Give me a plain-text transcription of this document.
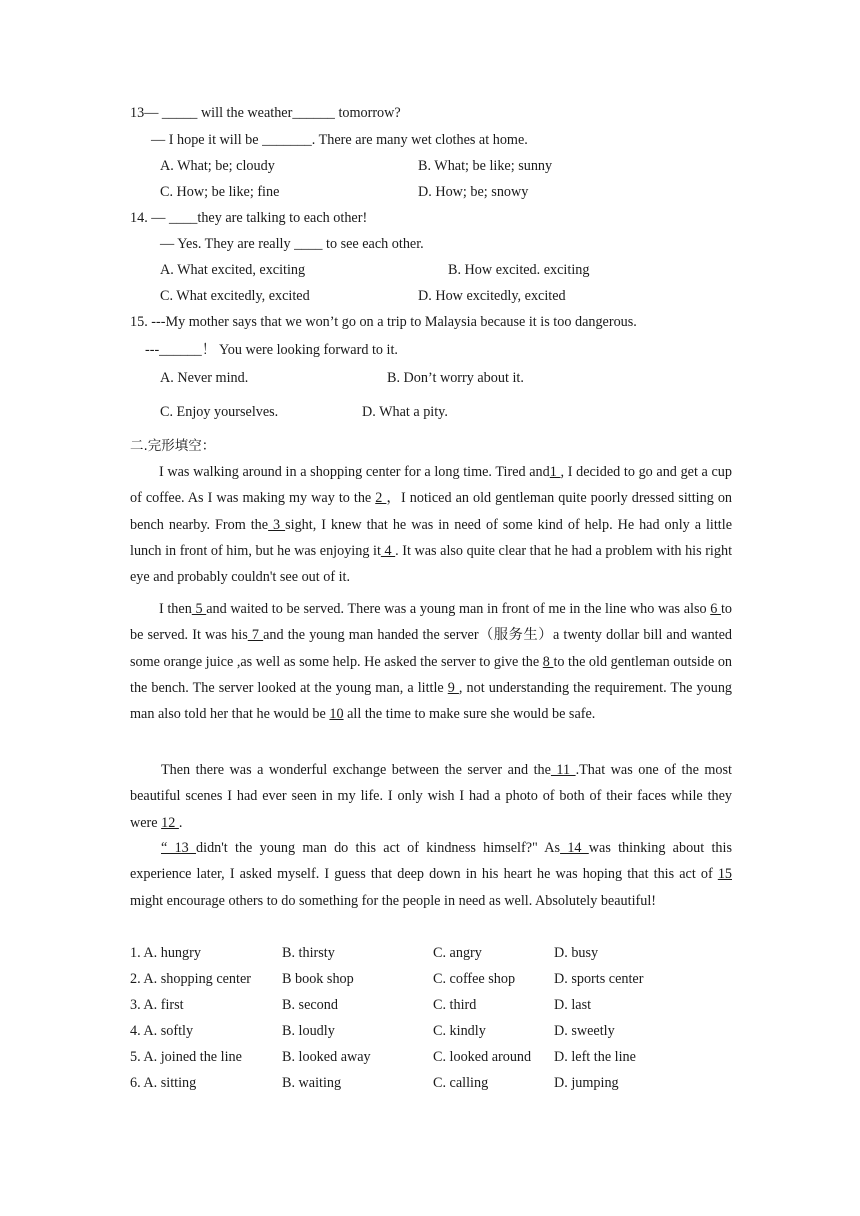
13— _____ will the weather______ tomorrow?
— I hope it will be _______. There are many wet clothes at home.
A. What; be; cloudy	B. What; be like; sunny
C. How; be like; fine	D. How; be; snowy
14. — ____they are talking to each other!
— Yes. They are really ____ to see each other.
A. What excited, exciting	B. How excited. exciting
C. What excitedly, excited	D. How excitedly, excited
15. ---My mother says that we won’t go on a trip to Malaysia because it is too dangerous.
---______！ You were looking forward to it.
A. Never mind.	B. Don’t worry about it.
C. Enjoy yourselves.	D. What a pity.
二.完形填空：
I was walking around in a shopping center for a long time. Tired and1 , I decided to go and get a cup of coffee. As I was making my way to the 2 ，I noticed an old gentleman quite poorly dressed sitting on bench nearby. From the 3 sight, I knew that he was in need of some kind of help. He had only a little lunch in front of him, but he was enjoying it 4 . It was also quite clear that he had a problem with his right eye and probably couldn't see out of it.
I then 5 and waited to be served. There was a young man in front of me in the line who was also 6 to be served. It was his 7 and the young man handed the server（服务生）a twenty dollar bill and wanted some orange juice ,as well as some help. He asked the server to give the 8 to the old gentleman outside on the bench. The server looked at the young man, a little 9 , not understanding the requirement. The young man also told her that he would be 10 all the time to make sure she would be safe.
Then there was a wonderful exchange between the server and the 11 .That was one of the most beautiful scenes I had ever seen in my life. I only wish I had a photo of both of their faces while they were 12 .
“ 13 didn't the young man do this act of kindness himself?" As 14 was thinking about this experience later, I asked myself. I guess that deep down in his heart he was hoping that this act of 15 might encourage others to do something for the people in need as well. Absolutely beautiful!
1. A. hungry	B. thirsty	C. angry	D. busy
2. A. shopping center B book shop	C. coffee shop	D. sports center
3. A. first	B. second	C. third	D. last
4. A. softly	B. loudly	C. kindly	D. sweetly
5. A. joined the line	B. looked away	C. looked around D. left the line
6. A. sitting	B. waiting	C. calling	D. jumping
